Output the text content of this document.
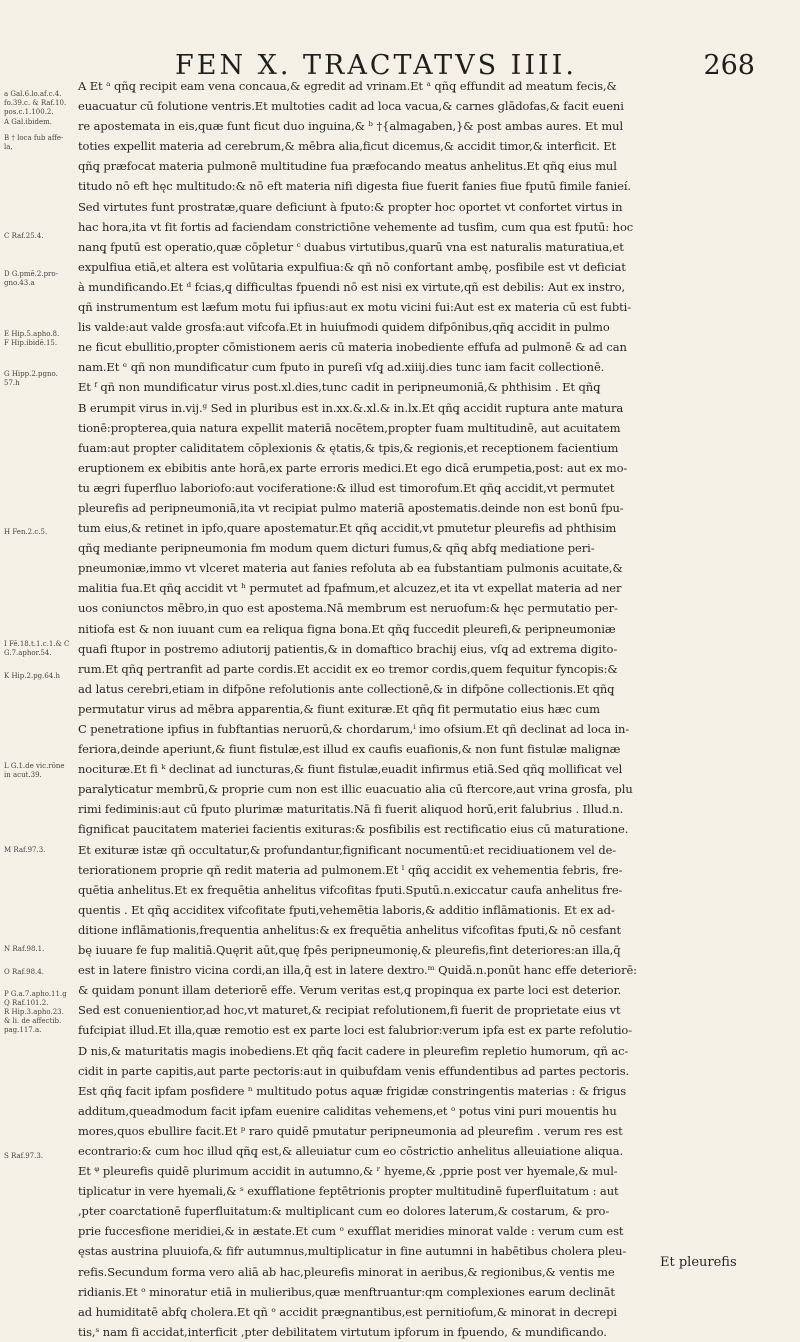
FEN X. TRACTATVS IIII.	268
a Gal.6.lo.af.c.4.
fo.39.c. & Raf.10.
pos.c.1.100.2.
A Gal.ibidem.
B † loca fub affe-
la,
C Raf.25.4.
D G.pmē.2.pro-
gno.43.a
E Hip.5.apho.8.
F Hip.ibidē.15.
G Hipp.2.pgno.
57.h
H Fen.2.c.5.
I Fē.18.t.1.c.1.& C
G.7.aphor.54.
K Hip.2.pg.64.h
L G.1.de vic.rōne
in acut.39.
M Raf.97.3.
N Raf.98.1.
O Raf.98.4.
P G.a.7.apho.11.g
Q Raf.101.2.
R Hip.3.apho.23.
& li. de affectib.
pag.117.a.
S Raf.97.3.

A Et ᵃ qñq̧ recipit eam vena concaua,& egredit ad vrinam.Et ᵃ qñq̧ effundit ad meatum fecis,&

euacuatur cū folutione ventris.Et multoties cadit ad loca vacua,& carnes glādofas,& facit eueni

re apostemata in eis,quæ funt ficut duo inguina,& ᵇ †{almagaben,}& post ambas aures. Et mul

toties expellit materia ad cerebrum,& mēbra alia,ficut dicemus,& accidit timor,& interficit. Et

qñq̧ præfocat materia pulmonē multitudine fua præfocando meatus anhelitus.Et qñq̧ eius mul

titudo nō eft hęc multitudo:& nō eft materia nifi digesta fiue fuerit fanies fiue fputū fimile fanieí.

Sed virtutes funt prostratæ,quare deficiunt à fputo:& propter hoc oportet vt confortet virtus in

hac hora,ita vt fit fortis ad faciendam constrictiōne vehemente ad tusfim, cum qua est fputū: hoc

nanq̧ fputū est operatio,quæ cōpletur ᶜ duabus virtutibus,quarū vna est naturalis maturatiua,et

expulfiua etiā,et altera est volūtaria expulfiua:& qñ nō confortant ambę, posfibile est vt deficiat

à mundificando.Et ᵈ fcias,q̧ difficultas fpuendi nō est nisi ex virtute,qñ est debilis: Aut ex instro,

qñ instrumentum est læfum motu fui ipfius:aut ex motu vicini fui:Aut est ex materia cū est fubti-

lis valde:aut valde grosfa:aut vifcofa.Et in huiufmodi quidem difpōnibus,qñq̧ accidit in pulmo

ne ficut ebullitio,propter cōmistionem aeris cū materia inobediente effufa ad pulmonē & ad can

nam.Et ᵉ qñ non mundificatur cum fputo in pureſi vſq̧ ad.xiiij.dies tunc iam facit collectionē.

Et ᶠ qñ non mundificatur virus post.xl.dies,tunc cadit in peripneumoniā,& phthisim . Et qñq̧

B erumpit virus in.vij.ᵍ Sed in pluribus est in.xx.&.xl.& in.lx.Et qñq̧ accidit ruptura ante matura

tionē:propterea,quia natura expellit materiā nocētem,propter fuam multitudinē, aut acuitatem

fuam:aut propter caliditatem cōplexionis & ętatis,& tpis,& regionis,et receptionem facientium

eruptionem ex ebibitis ante horā,ex parte erroris medici.Et ego dicā erumpetia,post: aut ex mo-

tu ægri fuperfluo laboriofo:aut vociferatione:& illud est timorofum.Et qñq̧ accidit,vt permutet

pleurefis ad peripneumoniā,ita vt recipiat pulmo materiā apostematis.deinde non est bonū fpu-

tum eius,& retinet in ipfo,quare apostematur.Et qñq̧ accidit,vt pmutetur pleurefis ad phthisim

qñq̧ mediante peripneumonia fm modum quem dicturi fumus,& qñq̧ abfq̧ mediatione peri-

pneumoniæ,immo vt vlceret materia aut fanies refoluta ab ea fubstantiam pulmonis acuitate,&

malitia fua.Et qñq̧ accidit vt ʰ permutet ad fpafmum,et alcuzez,et ita vt expellat materia ad ner

uos coniunctos mēbro,in quo est apostema.Nā membrum est neruofum:& hęc permutatio per-

nitiofa est & non iuuant cum ea reliqua figna bona.Et qñq̧ fuccedit pleurefi,& peripneumoniæ

quafi ftupor in postremo adiutorij patientis,& in domaftico brachij eius, vſq̧ ad extrema digito-

rum.Et qñq̧ pertranfit ad parte cordis.Et accidit ex eo tremor cordis,quem fequitur fyncopis:&

ad latus cerebri,etiam in difpōne refolutionis ante collectionē,& in difpōne collectionis.Et qñq̧

permutatur virus ad mēbra apparentia,& fiunt exituræ.Et qñq̧ fit permutatio eius hæc cum

C penetratione ipfius in fubftantias neruorū,& chordarum,ⁱ imo ofsium.Et qñ declinat ad loca in-

feriora,deinde aperiunt,& fiunt fistulæ,est illud ex caufis euafionis,& non funt fistulæ malignæ

nocituræ.Et fi ᵏ declinat ad iuncturas,& fiunt fistulæ,euadit infirmus etiā.Sed qñq̧ mollificat vel

paralyticatur membrū,& proprie cum non est illic euacuatio alia cū ftercore,aut vrina grosfa, plu

rimi fediminis:aut cū fputo plurimæ maturitatis.Nā fi fuerit aliquod horū,erit falubrius . Illud.n.

fignificat paucitatem materiei facientis exituras:& posfibilis est rectificatio eius cū maturatione.

Et exituræ istæ qñ occultatur,& profundantur,fignificant nocumentū:et recidiuationem vel de-

teriorationem proprie qñ redit materia ad pulmonem.Et ˡ qñq̧ accidit ex vehementia febris, fre-

quētia anhelitus.Et ex frequētia anhelitus vifcofitas fputi.Sputū.n.exiccatur caufa anhelitus fre-

quentis . Et qñq̧ acciditex vifcofitate fputi,vehemētia laboris,& additio inflāmationis. Et ex ad-

ditione inflāmationis,frequentia anhelitus:& ex frequētia anhelitus vifcofitas fputi,& nō cesfant

bę iuuare fe fup malitiā.Quęrit aūt,quę fpēs peripneumonię,& pleurefis,fint deteriores:an illa,q̄

est in latere finistro vicina cordi,an illa,q̄ est in latere dextro.ᵐ Quidā.n.ponūt hanc effe deteriorē:

& quidam ponunt illam deteriorē effe. Verum veritas est,q̧ propinqua ex parte loci est deterior.

Sed est conuenientior,ad hoc,vt maturet,& recipiat refolutionem,fi fuerit de proprietate eius vt

fufcipiat illud.Et illa,quæ remotio est ex parte loci est falubrior:verum ipfa est ex parte refolutio-

D nis,& maturitatis magis inobediens.Et qñq̧ facit cadere in pleurefim repletio humorum, qñ ac-

cidit in parte capitis,aut parte pectoris:aut in quibufdam venis effundentibus ad partes pectoris.

Est qñq̧ facit ipfam posfidere ⁿ multitudo potus aquæ frigidæ constringentis materias : & frigus

additum,queadmodum facit ipfam euenire caliditas vehemens,et ᵒ potus vini puri mouentis hu

mores,quos ebullire facit.Et ᵖ raro quidē pmutatur peripneumonia ad pleurefim . verum res est

econtrario:& cum hoc illud qñq̧ est,& alleuiatur cum eo cōstrictio anhelitus alleuiatione aliqua.

Et ᵠ pleurefis quidē plurimum accidit in autumno,& ʳ hyeme,& ,pprie post ver hyemale,& mul-

tiplicatur in vere hyemali,& ˢ exufflatione feptētrionis propter multitudinē fuperfluitatum : aut

,pter coarctationē fuperfluitatum:& multiplicant cum eo dolores laterum,& costarum, & pro-

prie fuccesfione meridiei,& in æstate.Et cum ᵒ exufflat meridies minorat valde : verum cum est

ęstas austrina pluuiofa,& fifr autumnus,multiplicatur in fine autumni in habētibus cholera pleu-

refis.Secundum forma vero aliā ab hac,pleurefis minorat in aeribus,& regionibus,& ventis me

ridianis.Et ᵒ minoratur etiā in mulieribus,quæ menftruantur:qm complexiones earum declināt

ad humiditatē abfq̧ cholera.Et qñ ᵒ accidit prægnantibus,est pernitiofum,& minorat in decrepi

tis,ˢ nam fi accidat,interficit ,pter debilitatem virtutum ipforum in fpuendo, & mundificando.

Et pleurefis
